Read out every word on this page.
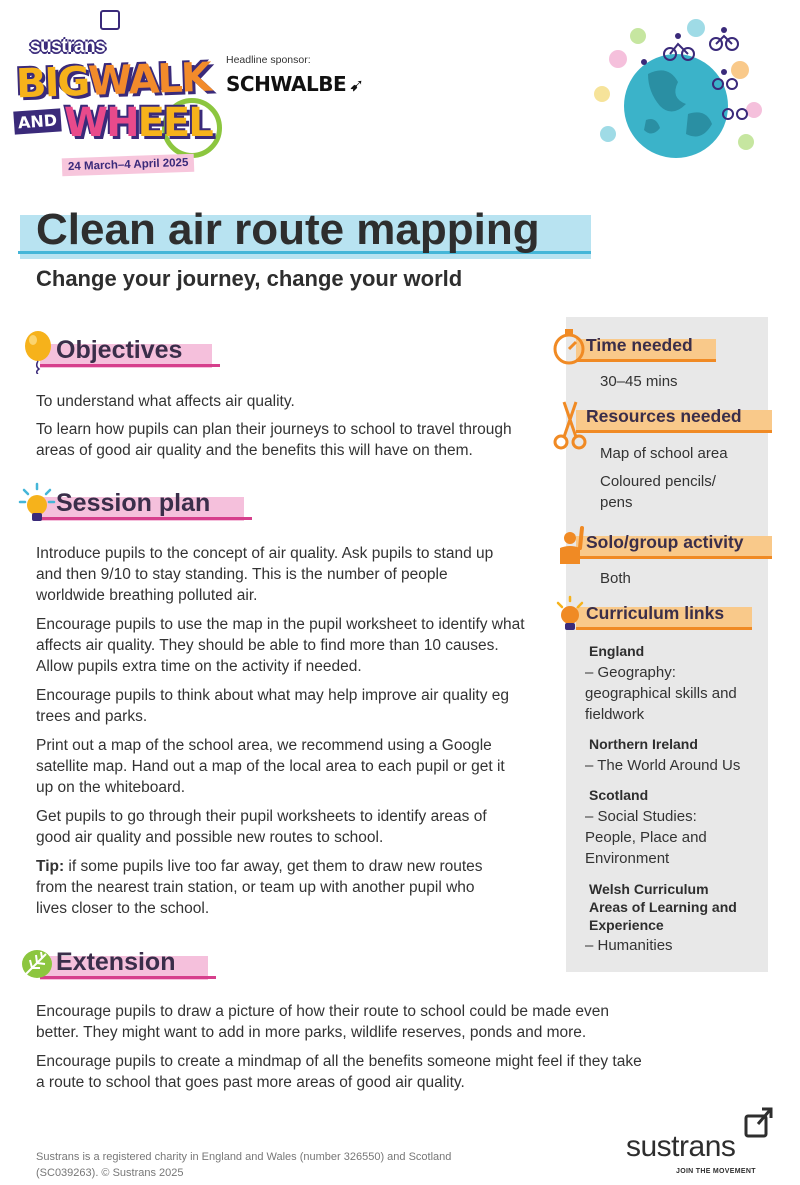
sustrans
BIGWALK
AND WHEEL
24 March–4 April 2025
Headline sponsor:
SCHWALBE ➹
Clean air route mapping
Change your journey, change your world
Objectives

To understand what affects air quality.

To learn how pupils can plan their journeys to school to travel through areas of good air quality and the benefits this will have on them.

Session plan

Introduce pupils to the concept of air quality. Ask pupils to stand up and then 9/10 to stay standing. This is the number of people worldwide breathing polluted air.

Encourage pupils to use the map in the pupil worksheet to identify what affects air quality. They should be able to find more than 10 causes. Allow pupils extra time on the activity if needed.

Encourage pupils to think about what may help improve air quality eg trees and parks.

Print out a map of the school area, we recommend using a Google satellite map. Hand out a map of the local area to each pupil or get it up on the whiteboard.

Get pupils to go through their pupil worksheets to identify areas of good air quality and possible new routes to school.

Tip: if some pupils live too far away, get them to draw new routes from the nearest train station, or team up with another pupil who lives closer to the school.

Extension

Encourage pupils to draw a picture of how their route to school could be made even better. They might want to add in more parks, wildlife reserves, ponds and more.

Encourage pupils to create a mindmap of all the benefits someone might feel if they take a route to school that goes past more areas of good air quality.

Time needed
30–45 mins
Resources needed
Map of school area
Coloured pencils/ pens
Solo/group activity
Both
Curriculum links
England
– Geography: geographical skills and fieldwork
Northern Ireland
– The World Around Us
Scotland
– Social Studies: People, Place and Environment
Welsh Curriculum Areas of Learning and Experience
– Humanities

Sustrans is a registered charity in England and Wales (number 326550) and Scotland (SC039263). © Sustrans 2025

sustrans
JOIN THE MOVEMENT
